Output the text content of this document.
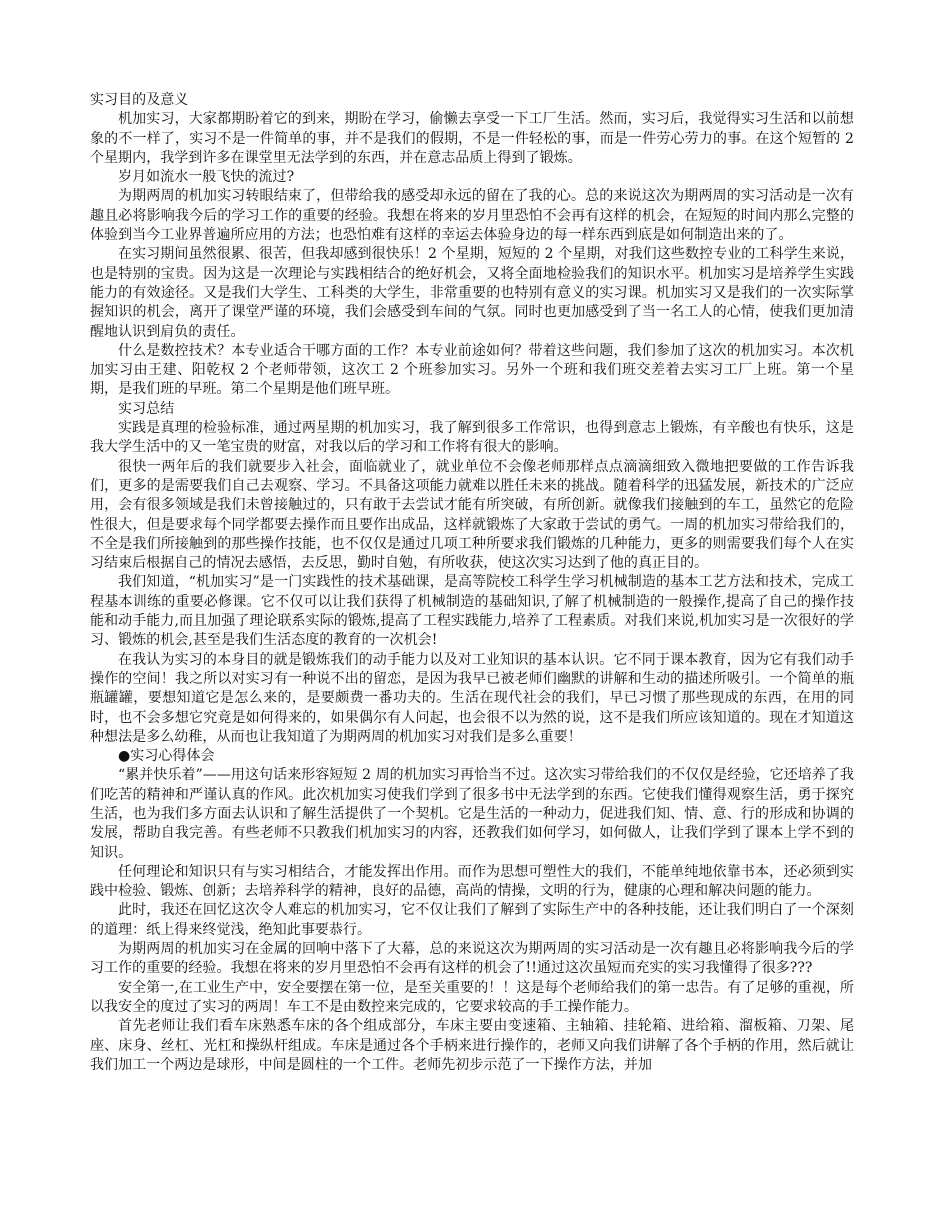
实习目的及意义

机加实习，大家都期盼着它的到来，期盼在学习，偷懒去享受一下工厂生活。然而，实习后，我觉得实习生活和以前想象的不一样了，实习不是一件简单的事，并不是我们的假期，不是一件轻松的事，而是一件劳心劳力的事。在这个短暂的 2 个星期内，我学到许多在课堂里无法学到的东西，并在意志品质上得到了锻炼。

岁月如流水一般飞快的流过?

为期两周的机加实习转眼结束了，但带给我的感受却永远的留在了我的心。总的来说这次为期两周的实习活动是一次有趣且必将影响我今后的学习工作的重要的经验。我想在将来的岁月里恐怕不会再有这样的机会，在短短的时间内那么完整的体验到当今工业界普遍所应用的方法；也恐怕难有这样的幸运去体验身边的每一样东西到底是如何制造出来的了。

在实习期间虽然很累、很苦，但我却感到很快乐！2 个星期，短短的 2 个星期，对我们这些数控专业的工科学生来说，也是特别的宝贵。因为这是一次理论与实践相结合的绝好机会，又将全面地检验我们的知识水平。机加实习是培养学生实践能力的有效途径。又是我们大学生、工科类的大学生，非常重要的也特别有意义的实习课。机加实习又是我们的一次实际掌握知识的机会，离开了课堂严谨的环境，我们会感受到车间的气氛。同时也更加感受到了当一名工人的心情，使我们更加清醒地认识到肩负的责任。

什么是数控技术？本专业适合干哪方面的工作？本专业前途如何？带着这些问题，我们参加了这次的机加实习。本次机加实习由王建、阳乾权 2 个老师带领，这次工 2 个班参加实习。另外一个班和我们班交差着去实习工厂上班。第一个星期，是我们班的早班。第二个星期是他们班早班。

实习总结

实践是真理的检验标准，通过两星期的机加实习，我了解到很多工作常识，也得到意志上锻炼，有辛酸也有快乐，这是我大学生活中的又一笔宝贵的财富，对我以后的学习和工作将有很大的影响。

很快一两年后的我们就要步入社会，面临就业了，就业单位不会像老师那样点点滴滴细致入微地把要做的工作告诉我们，更多的是需要我们自己去观察、学习。不具备这项能力就难以胜任未来的挑战。随着科学的迅猛发展，新技术的广泛应用，会有很多领域是我们未曾接触过的，只有敢于去尝试才能有所突破，有所创新。就像我们接触到的车工，虽然它的危险性很大，但是要求每个同学都要去操作而且要作出成品，这样就锻炼了大家敢于尝试的勇气。一周的机加实习带给我们的，不全是我们所接触到的那些操作技能，也不仅仅是通过几项工种所要求我们锻炼的几种能力，更多的则需要我们每个人在实习结束后根据自己的情况去感悟，去反思，勤时自勉，有所收获，使这次实习达到了他的真正目的。

我们知道，“机加实习”是一门实践性的技术基础课，是高等院校工科学生学习机械制造的基本工艺方法和技术，完成工程基本训练的重要必修课。它不仅可以让我们获得了机械制造的基础知识,了解了机械制造的一般操作,提高了自己的操作技能和动手能力,而且加强了理论联系实际的锻炼,提高了工程实践能力,培养了工程素质。对我们来说,机加实习是一次很好的学习、锻炼的机会,甚至是我们生活态度的教育的一次机会!

在我认为实习的本身目的就是锻炼我们的动手能力以及对工业知识的基本认识。它不同于课本教育，因为它有我们动手操作的空间！我之所以对实习有一种说不出的留恋，是因为我早已被老师们幽默的讲解和生动的描述所吸引。一个简单的瓶瓶罐罐，要想知道它是怎么来的，是要颇费一番功夫的。生活在现代社会的我们，早已习惯了那些现成的东西，在用的同时，也不会多想它究竟是如何得来的，如果偶尔有人问起，也会很不以为然的说，这不是我们所应该知道的。现在才知道这种想法是多么幼稚，从而也让我知道了为期两周的机加实习对我们是多么重要！

●实习心得体会

“累并快乐着”——用这句话来形容短短 2 周的机加实习再恰当不过。这次实习带给我们的不仅仅是经验，它还培养了我们吃苦的精神和严谨认真的作风。此次机加实习使我们学到了很多书中无法学到的东西。它使我们懂得观察生活，勇于探究生活，也为我们多方面去认识和了解生活提供了一个契机。它是生活的一种动力，促进我们知、情、意、行的形成和协调的发展，帮助自我完善。有些老师不只教我们机加实习的内容，还教我们如何学习，如何做人，让我们学到了课本上学不到的知识。

任何理论和知识只有与实习相结合，才能发挥出作用。而作为思想可塑性大的我们，不能单纯地依靠书本，还必须到实践中检验、锻炼、创新；去培养科学的精神，良好的品德，高尚的情操，文明的行为，健康的心理和解决问题的能力。

此时，我还在回忆这次令人难忘的机加实习，它不仅让我们了解到了实际生产中的各种技能，还让我们明白了一个深刻的道理：纸上得来终觉浅，绝知此事要恭行。

为期两周的机加实习在金属的回响中落下了大幕，总的来说这次为期两周的实习活动是一次有趣且必将影响我今后的学习工作的重要的经验。我想在将来的岁月里恐怕不会再有这样的机会了!!通过这次虽短而充实的实习我懂得了很多???

安全第一,在工业生产中，安全要摆在第一位，是至关重要的！！这是每个老师给我们的第一忠告。有了足够的重视，所以我安全的度过了实习的两周！车工不是由数控来完成的，它要求较高的手工操作能力。

首先老师让我们看车床熟悉车床的各个组成部分，车床主要由变速箱、主轴箱、挂轮箱、进给箱、溜板箱、刀架、尾座、床身、丝杠、光杠和操纵杆组成。车床是通过各个手柄来进行操作的，老师又向我们讲解了各个手柄的作用，然后就让我们加工一个两边是球形，中间是圆柱的一个工件。老师先初步示范了一下操作方法，并加
